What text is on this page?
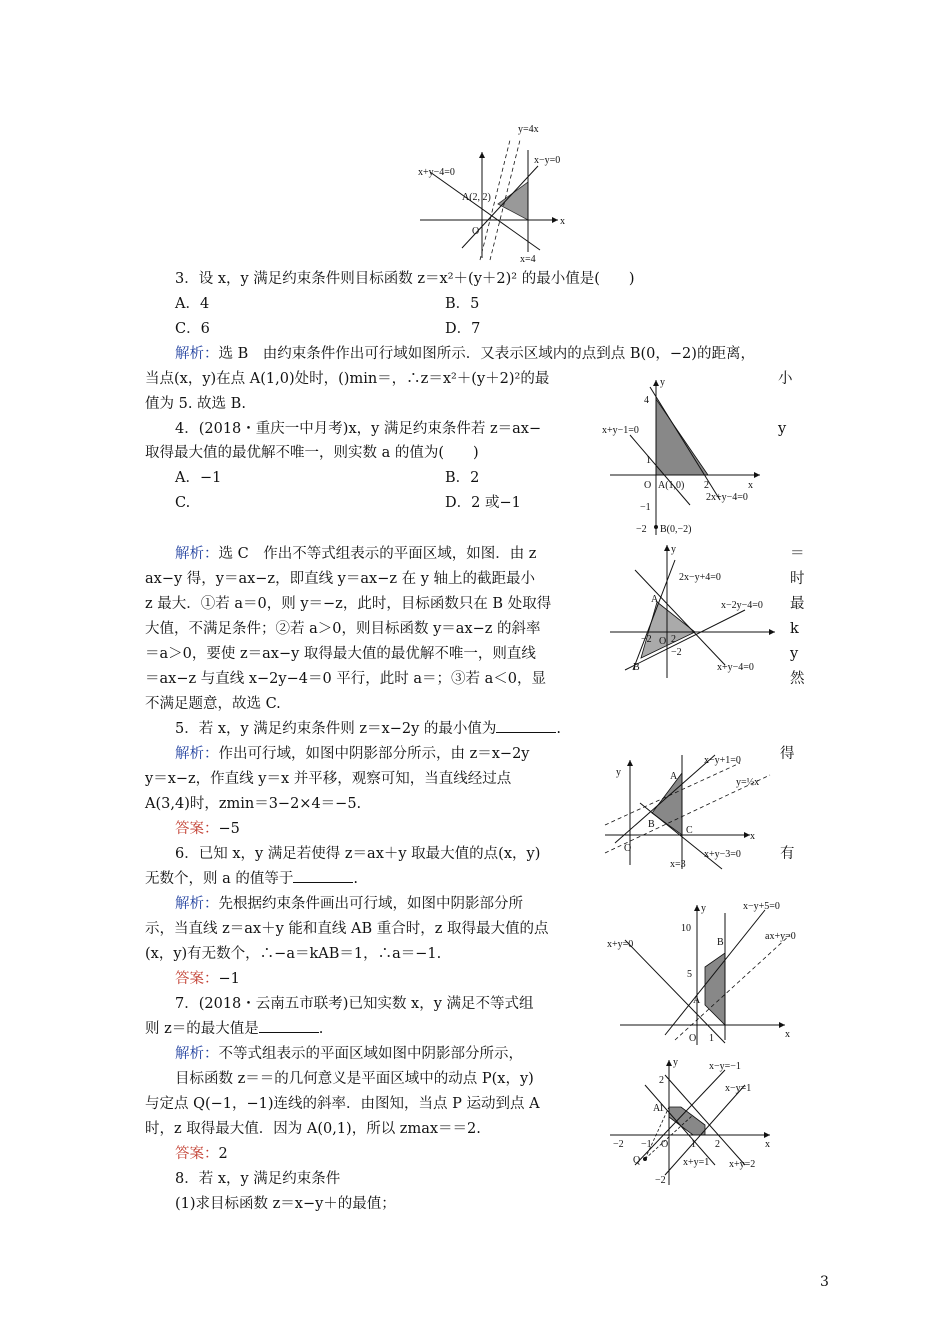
y=4x
x−y=0
x+y−4=0
A(2, 2)
O
x
x=4
3．设 x，y 满足约束条件则目标函数 z＝x²＋(y＋2)² 的最小值是(　　)
A．4	B．5
C．6	D．7
解析：选 B　由约束条件作出可行域如图所示．又表示区域内的点到点 B(0，−2)的距离，
当点(x，y)在点 A(1,0)处时，()min＝，∴z＝x²＋(y＋2)²的最	小
值为 5. 故选 B.
y
4
1
O A(1,0) 2	x
x+y−1=0
2x+y−4=0
−1
−2 B(0,−2)
4．(2018・重庆一中月考)x，y 满足约束条件若 z＝ax−	y
取得最大值的最优解不唯一，则实数 a 的值为(　　)
A．−1	B．2
C.	D．2 或−1
解析：选 C　作出不等式组表示的平面区域，如图．由 z	＝
ax−y 得，y＝ax−z，即直线 y＝ax−z 在 y 轴上的截距最小	时
z 最大．①若 a＝0，则 y＝−z，此时，目标函数只在 B 处取得	最
大值，不满足条件；②若 a＞0，则目标函数 y＝ax−z 的斜率	k
＝a＞0，要使 z＝ax−y 取得最大值的最优解不唯一，则直线	y
＝ax−z 与直线 x−2y−4＝0 平行，此时 a＝；③若 a＜0，显	然
不满足题意，故选 C.
y
A
2x−y+4=0
x−2y−4=0
x+y−4=0
−2 O 2
−2
B
5．若 x，y 满足约束条件则 z＝x−2y 的最小值为	.
解析：作出可行域，如图中阴影部分所示，由 z＝x−2y	得
y＝x−z，作直线 y＝x 并平移，观察可知，当直线经过点
A(3,4)时，zmin＝3−2×4＝−5.
答案：−5
y
x−y+1=0
A
y=½x
B
C
O
x+y−3=0
x=3
x
6．已知 x，y 满足若使得 z＝ax＋y 取最大值的点(x，y)	有
无数个，则 a 的值等于	.
解析：先根据约束条件画出可行域，如图中阴影部分所
示，当直线 z＝ax＋y 能和直线 AB 重合时，z 取得最大值的点
(x，y)有无数个，∴−a＝kAB＝1，∴a＝−1.
答案：−1
y	x−y+5=0
10
B
ax+y=0
x+y=0
5
A
O 1	x
7．(2018・云南五市联考)已知实数 x，y 满足不等式组
则 z＝的最大值是	.
解析：不等式组表示的平面区域如图中阴影部分所示，
目标函数 z＝＝的几何意义是平面区域中的动点 P(x，y)
与定点 Q(−1，−1)连线的斜率．由图知，当点 P 运动到点 A
时，z 取得最大值．因为 A(0,1)，所以 zmax＝＝2.
答案：2
y	x−y=−1
2
x−y=1
A
1
−2 −1 O 1 2	x
Q	x+y=1 x+y=2
−2
8．若 x，y 满足约束条件
(1)求目标函数 z＝x−y＋的最值；
3
